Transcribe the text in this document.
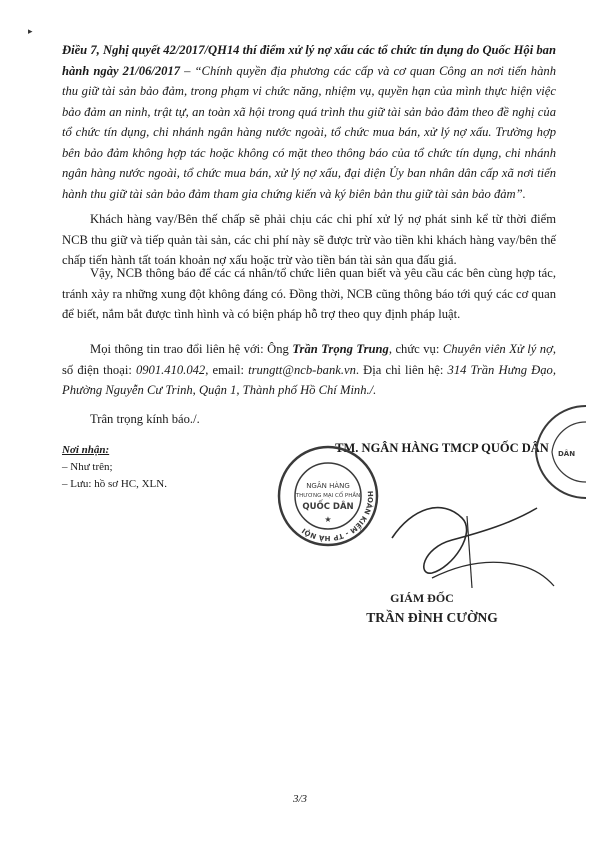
▸
Điều 7, Nghị quyết 42/2017/QH14 thí điểm xử lý nợ xấu các tổ chức tín dụng do Quốc Hội ban hành ngày 21/06/2017 – “Chính quyền địa phương các cấp và cơ quan Công an nơi tiến hành thu giữ tài sản bảo đảm, trong phạm vi chức năng, nhiệm vụ, quyền hạn của mình thực hiện việc bảo đảm an ninh, trật tự, an toàn xã hội trong quá trình thu giữ tài sản bảo đảm theo đề nghị của tổ chức tín dụng, chi nhánh ngân hàng nước ngoài, tổ chức mua bán, xử lý nợ xấu. Trường hợp bên bảo đảm không hợp tác hoặc không có mặt theo thông báo của tổ chức tín dụng, chi nhánh ngân hàng nước ngoài, tổ chức mua bán, xử lý nợ xấu, đại diện Ủy ban nhân dân cấp xã nơi tiến hành thu giữ tài sản bảo đảm tham gia chứng kiến và ký biên bản thu giữ tài sản bảo đảm”.
Khách hàng vay/Bên thế chấp sẽ phải chịu các chi phí xử lý nợ phát sinh kể từ thời điểm NCB thu giữ và tiếp quản tài sản, các chi phí này sẽ được trừ vào tiền khi khách hàng vay/bên thế chấp tiến hành tất toán khoản nợ xấu hoặc trừ vào tiền bán tài sản qua đấu giá.
Vậy, NCB thông báo để các cá nhân/tổ chức liên quan biết và yêu cầu các bên cùng hợp tác, tránh xảy ra những xung đột không đáng có. Đồng thời, NCB cũng thông báo tới quý các cơ quan để biết, nắm bắt được tình hình và có biện pháp hỗ trợ theo quy định pháp luật.
Mọi thông tin trao đổi liên hệ với: Ông Trần Trọng Trung, chức vụ: Chuyên viên Xử lý nợ, số điện thoại: 0901.410.042, email: trungtt@ncb-bank.vn. Địa chỉ liên hệ: 314 Trần Hưng Đạo, Phường Nguyễn Cư Trinh, Quận 1, Thành phố Hồ Chí Minh./.
Trân trọng kính báo./.
Nơi nhận:
– Như trên;
– Lưu: hồ sơ HC, XLN.
TM. NGÂN HÀNG TMCP QUỐC DÂN
HOÀN KIẾM - TP HÀ NỘI
NGÂN HÀNG
THƯƠNG MẠI CỔ PHẦN
QUỐC DÂN
★
DÂN
GIÁM ĐỐC
TRẦN ĐÌNH CƯỜNG
3/3
